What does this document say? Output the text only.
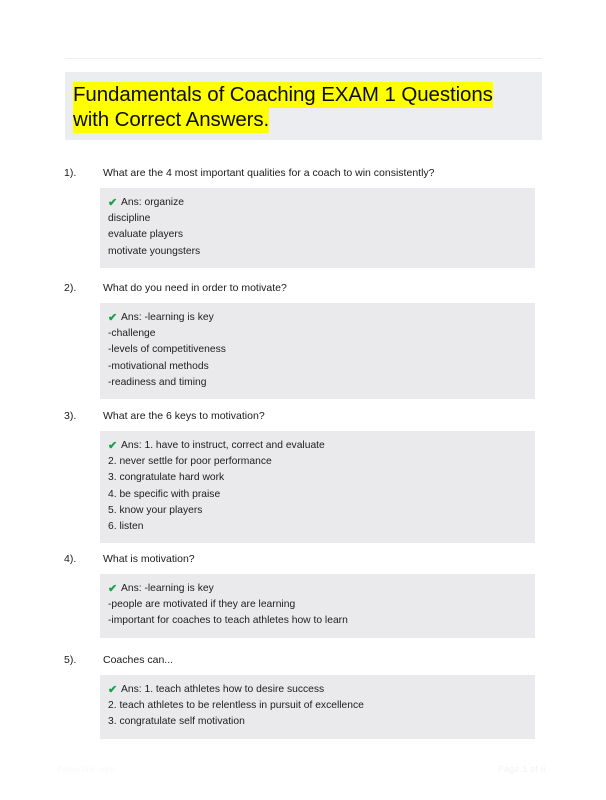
Fundamentals of Coaching EXAM 1 Questions
with Correct Answers.
1).	What are the 4 most important qualities for a coach to win consistently?
✔ Ans: organize
discipline
evaluate players
motivate youngsters
2).	What do you need in order to motivate?
✔ Ans: -learning is key
-challenge
-levels of competitiveness
-motivational methods
-readiness and timing
3).	What are the 6 keys to motivation?
✔ Ans: 1. have to instruct, correct and evaluate
2. never settle for poor performance
3. congratulate hard work
4. be specific with praise
5. know your players
6. listen
4).	What is motivation?
✔ Ans: -learning is key
-people are motivated if they are learning
-important for coaches to teach athletes how to learn
5).	Coaches can...
✔ Ans: 1. teach athletes how to desire success
2. teach athletes to be relentless in pursuit of excellence
3. congratulate self motivation
PaperStic.com	Page 1 of 6
